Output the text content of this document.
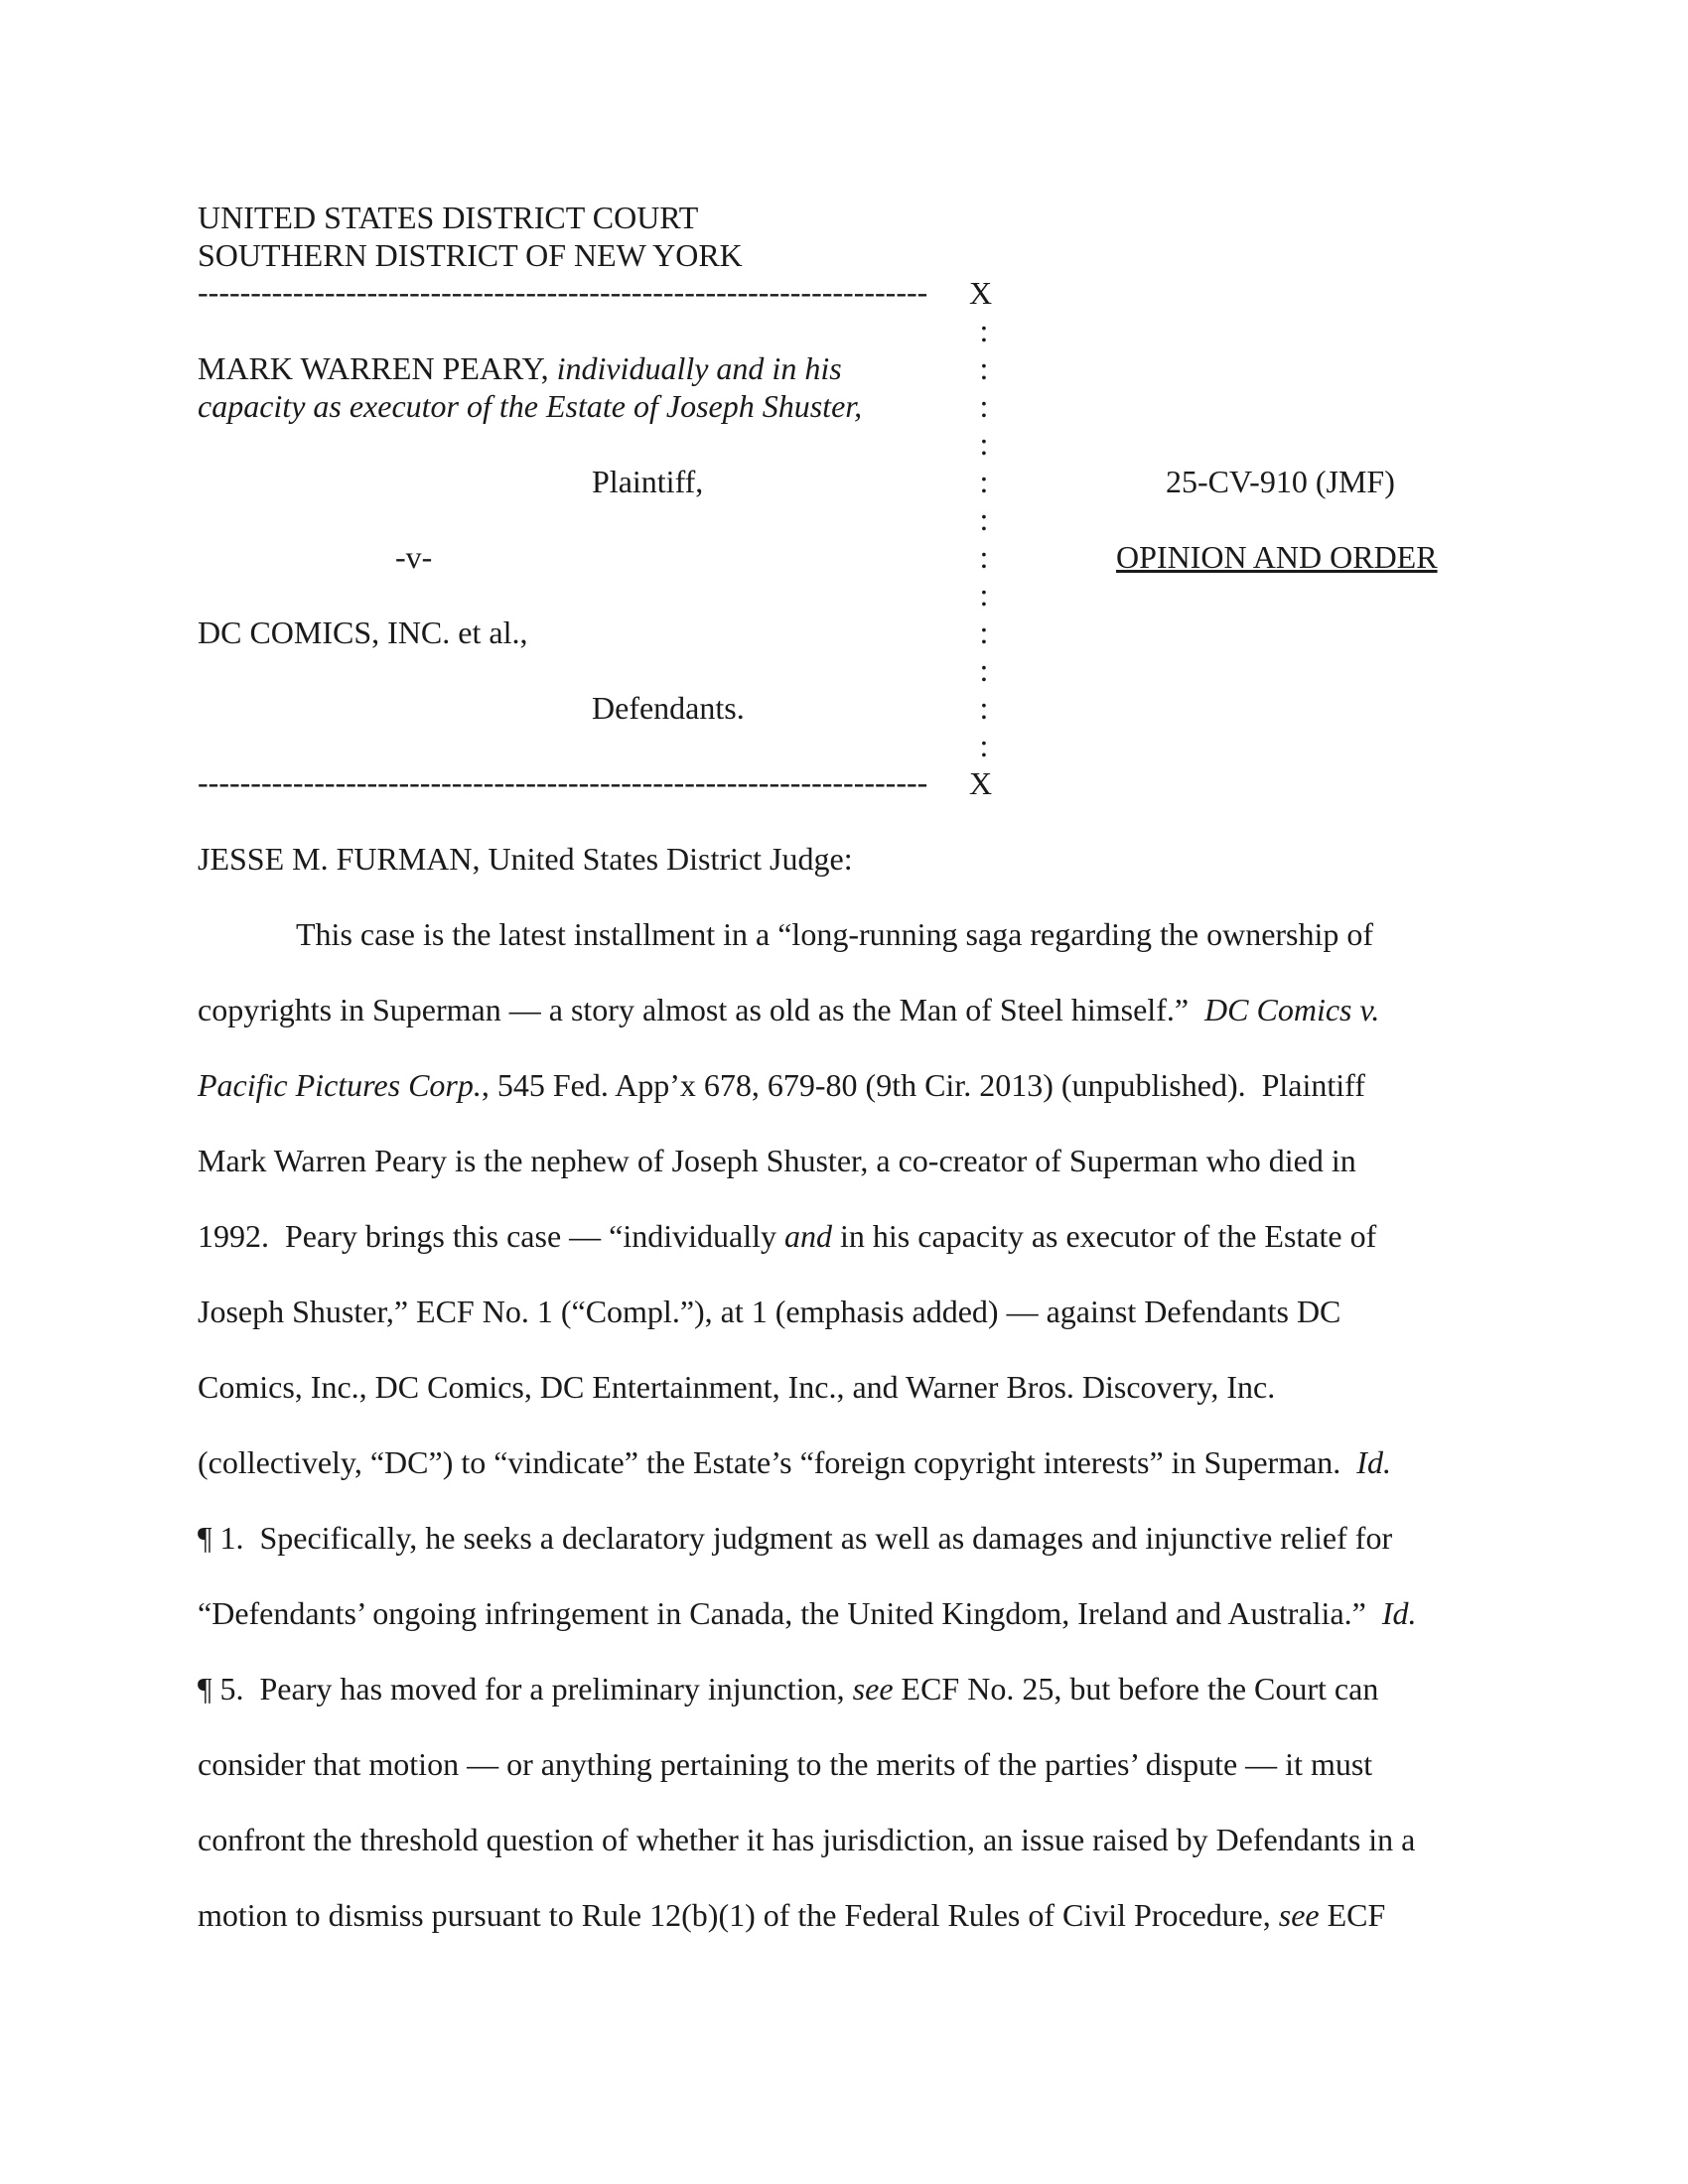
UNITED STATES DISTRICT COURT
SOUTHERN DISTRICT OF NEW YORK
---------------------------------------------------------------------	X
:
:
:
:
:
:
:
:
:
:
:
:
MARK WARREN PEARY, individually and in his
capacity as executor of the Estate of Joseph Shuster,
Plaintiff,	25-CV-910 (JMF)
OPINION AND ORDER
-v-
DC COMICS, INC. et al.,
Defendants.
---------------------------------------------------------------------	X
JESSE M. FURMAN, United States District Judge:
This case is the latest installment in a “long-running saga regarding the ownership of
copyrights in Superman — a story almost as old as the Man of Steel himself.”  DC Comics v.
Pacific Pictures Corp., 545 Fed. App’x 678, 679-80 (9th Cir. 2013) (unpublished).  Plaintiff
Mark Warren Peary is the nephew of Joseph Shuster, a co-creator of Superman who died in
1992.  Peary brings this case — “individually and in his capacity as executor of the Estate of
Joseph Shuster,” ECF No. 1 (“Compl.”), at 1 (emphasis added) — against Defendants DC
Comics, Inc., DC Comics, DC Entertainment, Inc., and Warner Bros. Discovery, Inc.
(collectively, “DC”) to “vindicate” the Estate’s “foreign copyright interests” in Superman.  Id.
¶ 1.  Specifically, he seeks a declaratory judgment as well as damages and injunctive relief for
“Defendants’ ongoing infringement in Canada, the United Kingdom, Ireland and Australia.”  Id.
¶ 5.  Peary has moved for a preliminary injunction, see ECF No. 25, but before the Court can
consider that motion — or anything pertaining to the merits of the parties’ dispute — it must
confront the threshold question of whether it has jurisdiction, an issue raised by Defendants in a
motion to dismiss pursuant to Rule 12(b)(1) of the Federal Rules of Civil Procedure, see ECF
